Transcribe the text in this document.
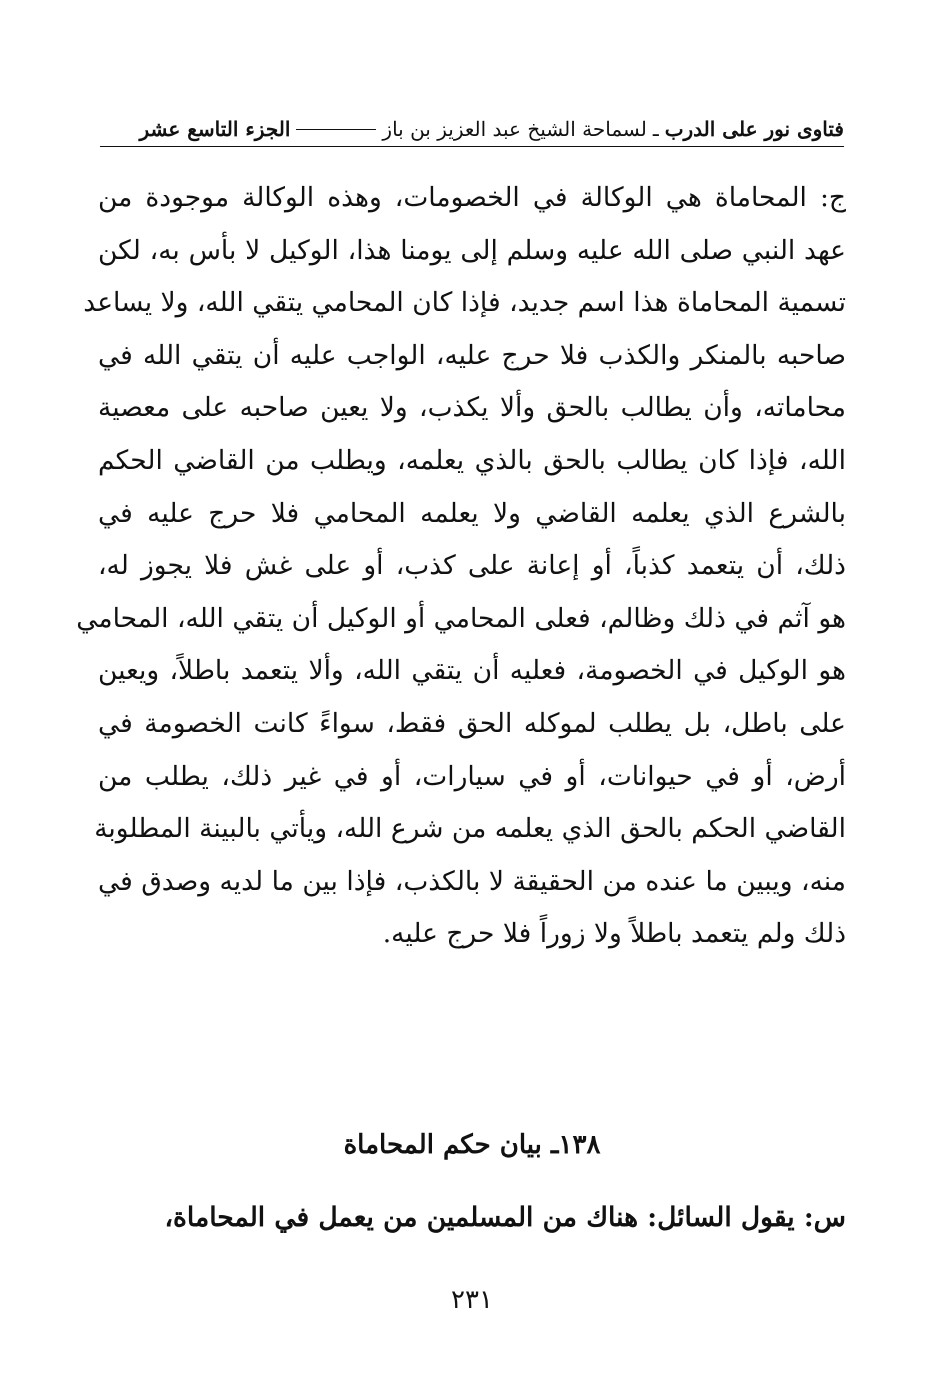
فتاوى نور على الدرب
ـ
لسماحة الشيخ عبد العزيز بن باز
الجزء التاسع عشر
ج: المحاماة هي الوكالة في الخصومات، وهذه الوكالة موجودة من
عهد النبي صلى الله عليه وسلم إلى يومنا هذا، الوكيل لا بأس به، لكن
تسمية المحاماة هذا اسم جديد، فإذا كان المحامي يتقي الله، ولا يساعد
صاحبه بالمنكر والكذب فلا حرج عليه، الواجب عليه أن يتقي الله في
محاماته، وأن يطالب بالحق وألا يكذب، ولا يعين صاحبه على معصية
الله، فإذا كان يطالب بالحق بالذي يعلمه، ويطلب من القاضي الحكم
بالشرع الذي يعلمه القاضي ولا يعلمه المحامي فلا حرج عليه في
ذلك، أن يتعمد كذباً، أو إعانة على كذب، أو على غش فلا يجوز له،
هو آثم في ذلك وظالم، فعلى المحامي أو الوكيل أن يتقي الله، المحامي
هو الوكيل في الخصومة، فعليه أن يتقي الله، وألا يتعمد باطلاً، ويعين
على باطل، بل يطلب لموكله الحق فقط، سواءً كانت الخصومة في
أرض، أو في حيوانات، أو في سيارات، أو في غير ذلك، يطلب من
القاضي الحكم بالحق الذي يعلمه من شرع الله، ويأتي بالبينة المطلوبة
منه، ويبين ما عنده من الحقيقة لا بالكذب، فإذا بين ما لديه وصدق في
ذلك ولم يتعمد باطلاً ولا زوراً فلا حرج عليه.
١٣٨ـ بيان حكم المحاماة
س: يقول السائل: هناك من المسلمين من يعمل في المحاماة،
٢٣١
